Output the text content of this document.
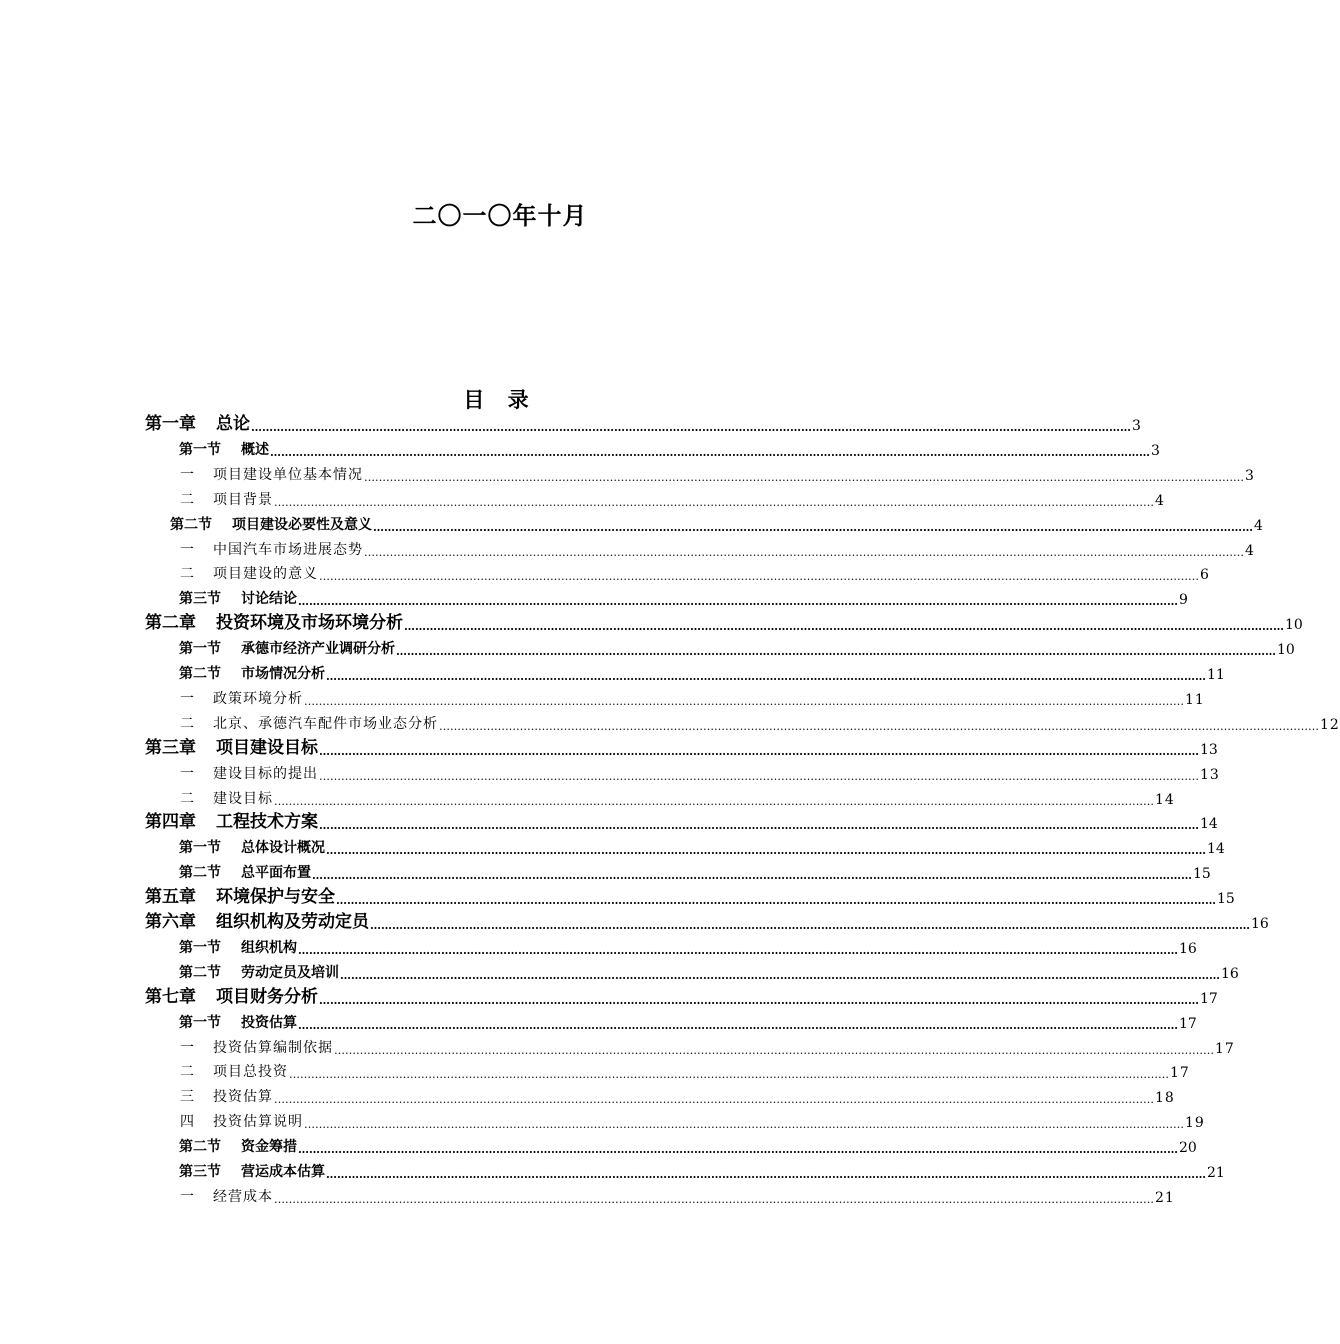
二〇一〇年十月
目 录
第一章 总论 …………………………………………………………………………………………………………………………………………………………………………………………………………………… 3
第一节 概述 …………………………………………………………………………………………………………………………………………………………………………………………………………………… 3
一 项目建设单位基本情况 …………………………………………………………………………………………………………………………………………………………………………………………………………………… 3
二 项目背景 …………………………………………………………………………………………………………………………………………………………………………………………………………………… 4
第二节 项目建设必要性及意义 …………………………………………………………………………………………………………………………………………………………………………………………………………………… 4
一 中国汽车市场进展态势 …………………………………………………………………………………………………………………………………………………………………………………………………………………… 4
二 项目建设的意义 …………………………………………………………………………………………………………………………………………………………………………………………………………………… 6
第三节 讨论结论 …………………………………………………………………………………………………………………………………………………………………………………………………………………… 9
第二章 投资环境及市场环境分析 …………………………………………………………………………………………………………………………………………………………………………………………………………………… 10
第一节 承德市经济产业调研分析 …………………………………………………………………………………………………………………………………………………………………………………………………………………… 10
第二节 市场情况分析 …………………………………………………………………………………………………………………………………………………………………………………………………………………… 11
一 政策环境分析 …………………………………………………………………………………………………………………………………………………………………………………………………………………… 11
二 北京、承德汽车配件市场业态分析 …………………………………………………………………………………………………………………………………………………………………………………………………………………… 12
第三章 项目建设目标 …………………………………………………………………………………………………………………………………………………………………………………………………………………… 13
一 建设目标的提出 …………………………………………………………………………………………………………………………………………………………………………………………………………………… 13
二 建设目标 …………………………………………………………………………………………………………………………………………………………………………………………………………………… 14
第四章 工程技术方案 …………………………………………………………………………………………………………………………………………………………………………………………………………………… 14
第一节 总体设计概况 …………………………………………………………………………………………………………………………………………………………………………………………………………………… 14
第二节 总平面布置 …………………………………………………………………………………………………………………………………………………………………………………………………………………… 15
第五章 环境保护与安全 …………………………………………………………………………………………………………………………………………………………………………………………………………………… 15
第六章 组织机构及劳动定员 …………………………………………………………………………………………………………………………………………………………………………………………………………………… 16
第一节 组织机构 …………………………………………………………………………………………………………………………………………………………………………………………………………………… 16
第二节 劳动定员及培训 …………………………………………………………………………………………………………………………………………………………………………………………………………………… 16
第七章 项目财务分析 …………………………………………………………………………………………………………………………………………………………………………………………………………………… 17
第一节 投资估算 …………………………………………………………………………………………………………………………………………………………………………………………………………………… 17
一 投资估算编制依据 …………………………………………………………………………………………………………………………………………………………………………………………………………………… 17
二 项目总投资 …………………………………………………………………………………………………………………………………………………………………………………………………………………… 17
三 投资估算 …………………………………………………………………………………………………………………………………………………………………………………………………………………… 18
四 投资估算说明 …………………………………………………………………………………………………………………………………………………………………………………………………………………… 19
第二节 资金筹措 …………………………………………………………………………………………………………………………………………………………………………………………………………………… 20
第三节 营运成本估算 …………………………………………………………………………………………………………………………………………………………………………………………………………………… 21
一 经营成本 …………………………………………………………………………………………………………………………………………………………………………………………………………………… 21
